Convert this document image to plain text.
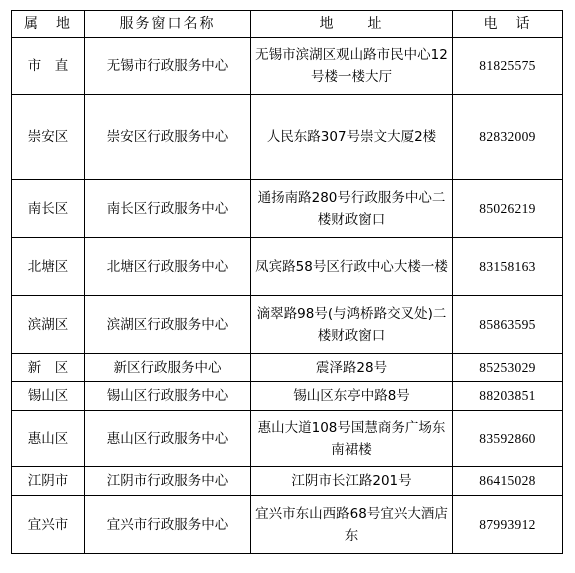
属　地	服务窗口名称	地　　址	电　话
市　直	无锡市行政服务中心	无锡市滨湖区观山路市民中心12号楼一楼大厅	81825575
崇安区	崇安区行政服务中心	人民东路307号崇文大厦2楼	82832009
南长区	南长区行政服务中心	通扬南路280号行政服务中心二楼财政窗口	85026219
北塘区	北塘区行政服务中心	凤宾路58号区行政中心大楼一楼	83158163
滨湖区	滨湖区行政服务中心	滴翠路98号(与鸿桥路交叉处)二楼财政窗口	85863595
新　区	新区行政服务中心	震泽路28号	85253029
锡山区	锡山区行政服务中心	锡山区东亭中路8号	88203851
惠山区	惠山区行政服务中心	惠山大道108号国慧商务广场东南裙楼	83592860
江阴市	江阴市行政服务中心	江阴市长江路201号	86415028
宜兴市	宜兴市行政服务中心	宜兴市东山西路68号宜兴大酒店东	87993912
